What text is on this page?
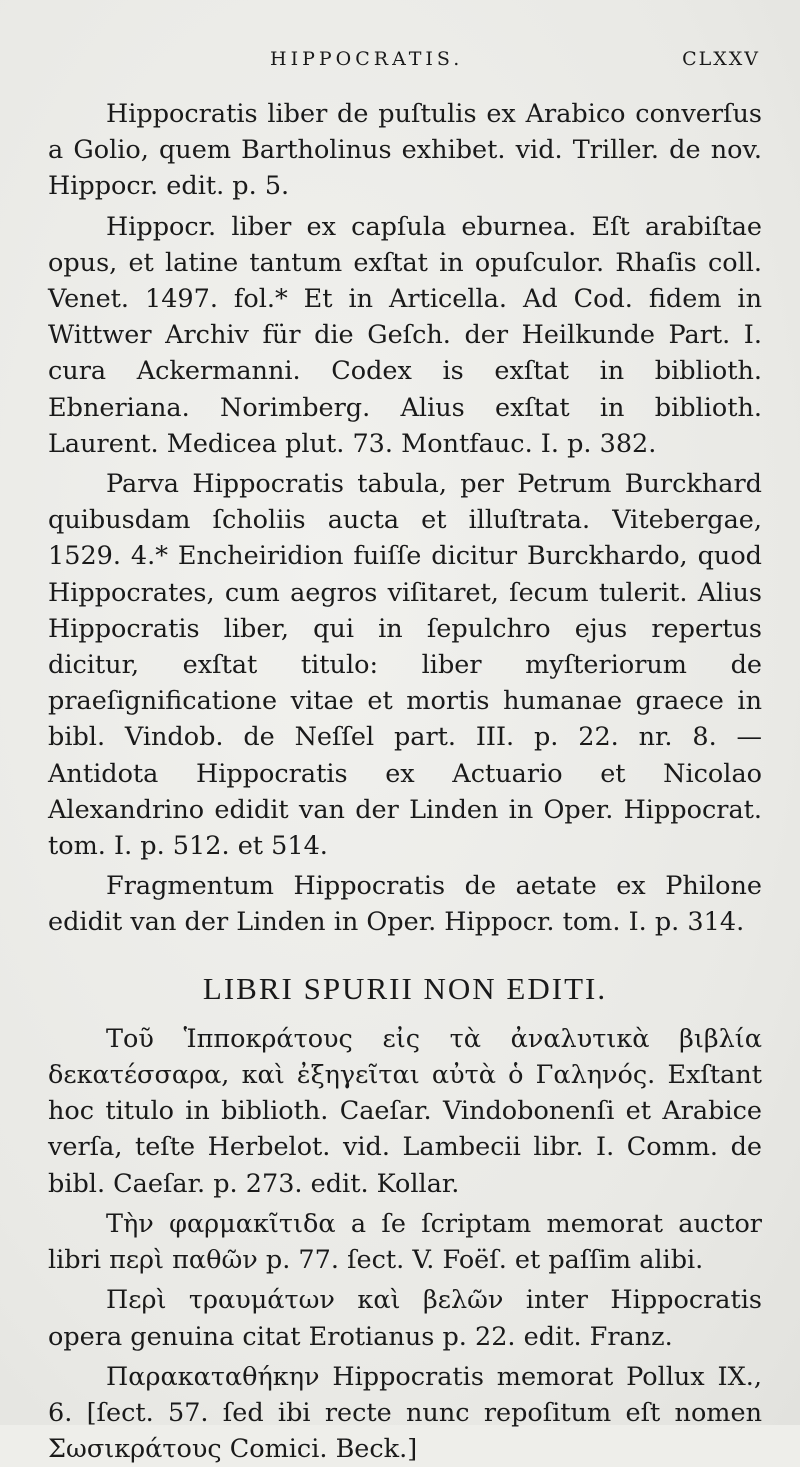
HIPPOCRATIS.	CLXXV

Hippocratis liber de puſtulis ex Arabico converſus a Golio, quem Bartholinus exhibet. vid. Triller. de nov. Hippocr. edit. p. 5.

Hippocr. liber ex capſula eburnea. Eſt arabiſtae opus, et latine tantum exſtat in opuſculor. Rhaſis coll. Venet. 1497. fol.* Et in Articella. Ad Cod. fidem in Wittwer Archiv für die Geſch. der Heilkunde Part. I. cura Ackermanni. Codex is exſtat in biblioth. Ebneriana. Norimberg. Alius exſtat in biblioth. Laurent. Medicea plut. 73. Montfauc. I. p. 382.

Parva Hippocratis tabula, per Petrum Burckhard quibusdam ſcholiis aucta et illuſtrata. Vitebergae, 1529. 4.* Encheiridion fuiſſe dicitur Burckhardo, quod Hippocrates, cum aegros viſitaret, ſecum tulerit. Alius Hippocratis liber, qui in ſepulchro ejus repertus dicitur, exſtat titulo: liber myſteriorum de praeſignificatione vitae et mortis humanae graece in bibl. Vindob. de Neſſel part. III. p. 22. nr. 8. — Antidota Hippocratis ex Actuario et Nicolao Alexandrino edidit van der Linden in Oper. Hippocrat. tom. I. p. 512. et 514.

Fragmentum Hippocratis de aetate ex Philone edidit van der Linden in Oper. Hippocr. tom. I. p. 314.

LIBRI SPURII NON EDITI.

Τοῦ Ἱπποκράτους εἰς τὰ ἀναλυτικὰ βιβλία δεκατέσσαρα, καὶ ἐξηγεῖται αὐτὰ ὁ Γαληνός. Exſtant hoc titulo in biblioth. Caeſar. Vindobonenſi et Arabice verſa, teſte Herbelot. vid. Lambecii libr. I. Comm. de bibl. Caeſar. p. 273. edit. Kollar.

Τὴν φαρμακῖτιδα a ſe ſcriptam memorat auctor libri περὶ παθῶν p. 77. ſect. V. Foëſ. et paſſim alibi.

Περὶ τραυμάτων καὶ βελῶν inter Hippocratis opera genuina citat Erotianus p. 22. edit. Franz.

Παρακαταθήκην Hippocratis memorat Pollux IX., 6. [ſect. 57. ſed ibi recte nunc repoſitum eſt nomen Σωσικράτους Comici. Beck.]
